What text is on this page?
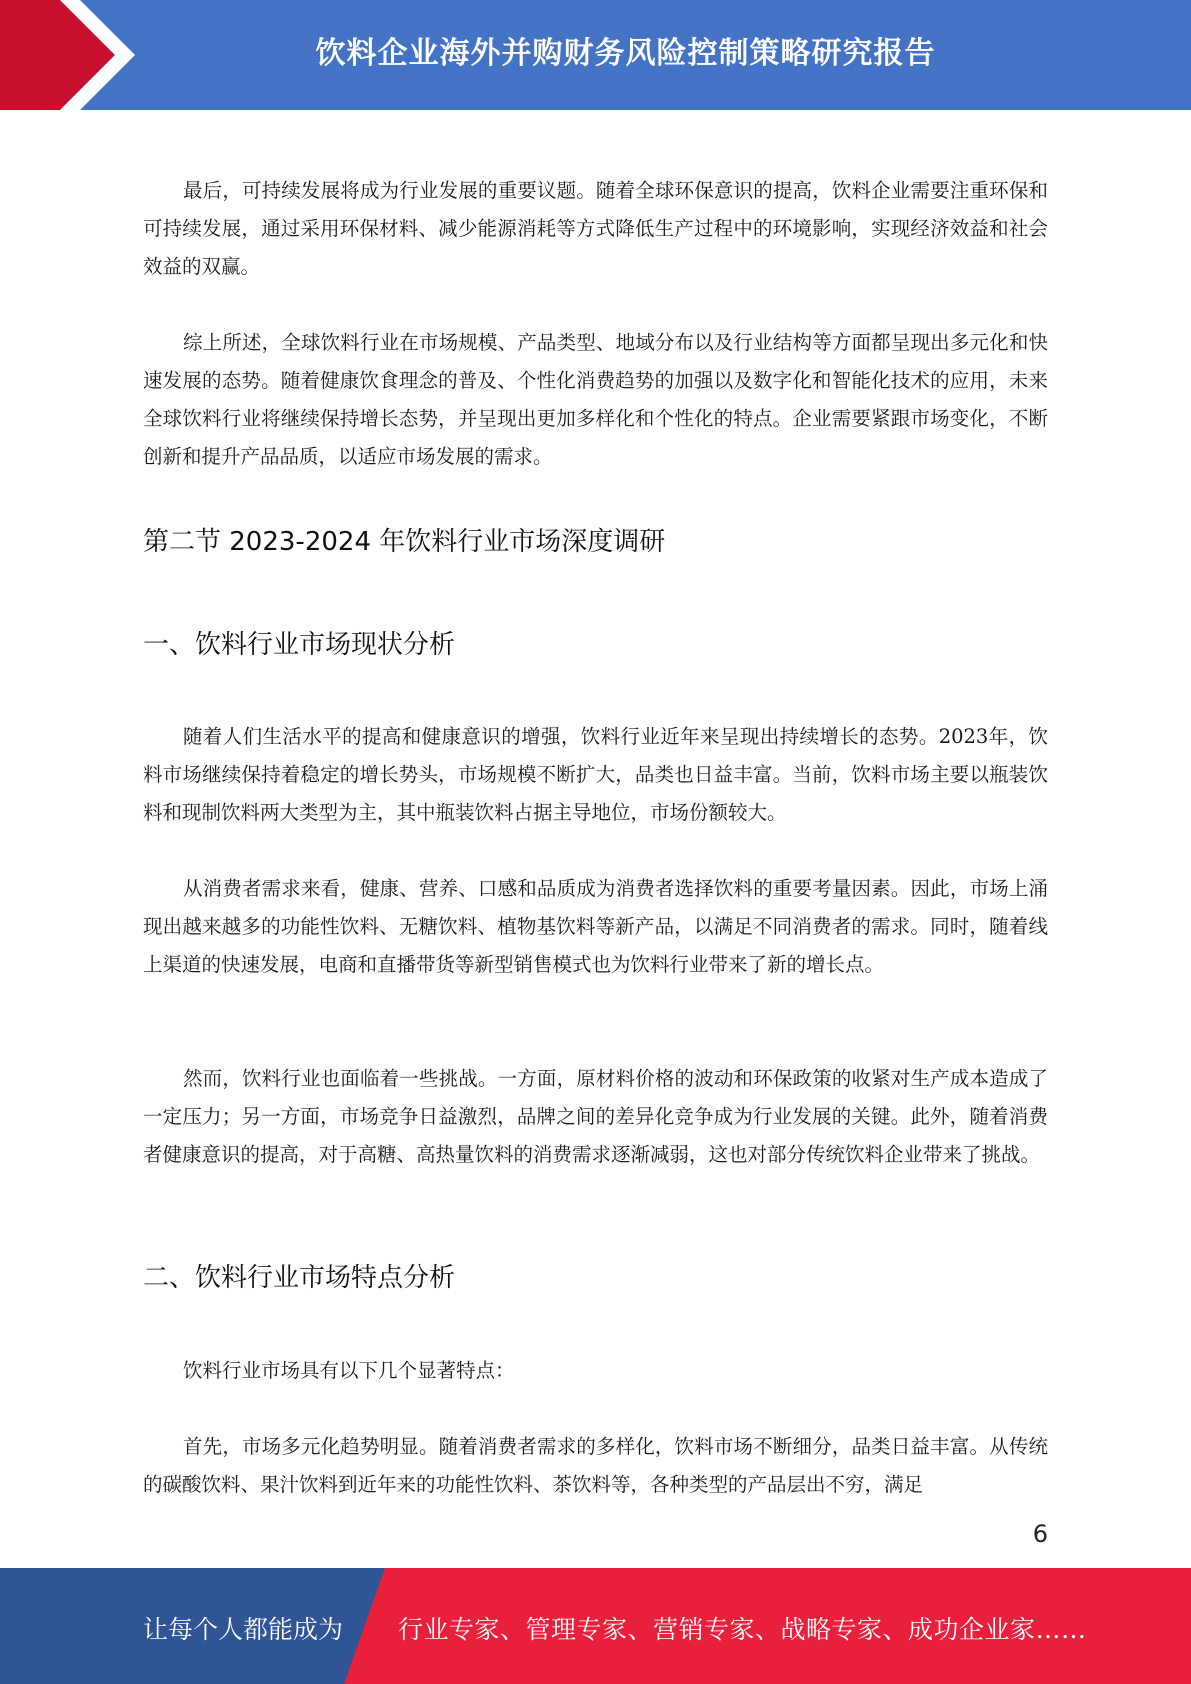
饮料企业海外并购财务风险控制策略研究报告

最后，可持续发展将成为行业发展的重要议题。随着全球环保意识的提高，饮料企业需要注重环保和可持续发展，通过采用环保材料、减少能源消耗等方式降低生产过程中的环境影响，实现经济效益和社会效益的双赢。

综上所述，全球饮料行业在市场规模、产品类型、地域分布以及行业结构等方面都呈现出多元化和快速发展的态势。随着健康饮食理念的普及、个性化消费趋势的加强以及数字化和智能化技术的应用，未来全球饮料行业将继续保持增长态势，并呈现出更加多样化和个性化的特点。企业需要紧跟市场变化，不断创新和提升产品品质，以适应市场发展的需求。

第二节 2023-2024 年饮料行业市场深度调研
一、饮料行业市场现状分析

随着人们生活水平的提高和健康意识的增强，饮料行业近年来呈现出持续增长的态势。2023年，饮料市场继续保持着稳定的增长势头，市场规模不断扩大，品类也日益丰富。当前，饮料市场主要以瓶装饮料和现制饮料两大类型为主，其中瓶装饮料占据主导地位，市场份额较大。

从消费者需求来看，健康、营养、口感和品质成为消费者选择饮料的重要考量因素。因此，市场上涌现出越来越多的功能性饮料、无糖饮料、植物基饮料等新产品，以满足不同消费者的需求。同时，随着线上渠道的快速发展，电商和直播带货等新型销售模式也为饮料行业带来了新的增长点。

然而，饮料行业也面临着一些挑战。一方面，原材料价格的波动和环保政策的收紧对生产成本造成了一定压力；另一方面，市场竞争日益激烈，品牌之间的差异化竞争成为行业发展的关键。此外，随着消费者健康意识的提高，对于高糖、高热量饮料的消费需求逐渐减弱，这也对部分传统饮料企业带来了挑战。

二、饮料行业市场特点分析

饮料行业市场具有以下几个显著特点：

首先，市场多元化趋势明显。随着消费者需求的多样化，饮料市场不断细分，品类日益丰富。从传统的碳酸饮料、果汁饮料到近年来的功能性饮料、茶饮料等，各种类型的产品层出不穷，满足

6
让每个人都能成为 行业专家、管理专家、营销专家、战略专家、成功企业家……
